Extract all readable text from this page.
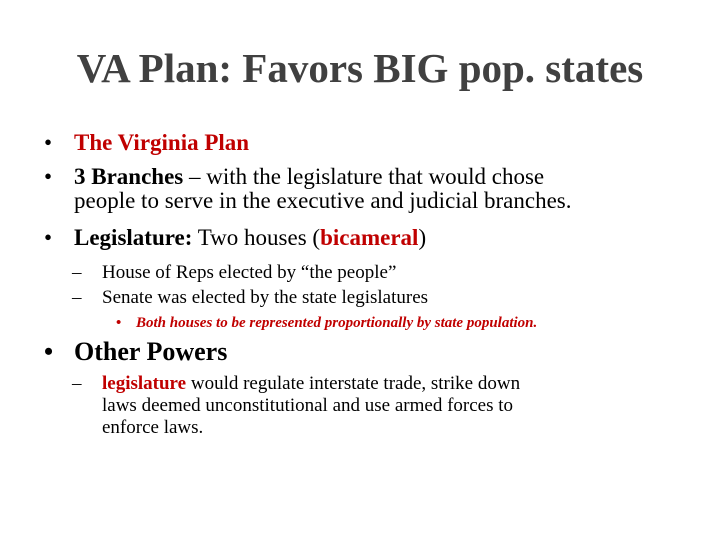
VA Plan: Favors BIG pop. states
• The Virginia Plan
• 3 Branches – with the legislature that would chose
people to serve in the executive and judicial branches.
• Legislature: Two houses (bicameral)
–	House of Reps elected by “the people”
–	Senate was elected by the state legislatures
• Both houses to be represented proportionally by state population.
• Other Powers
–	legislature would regulate interstate trade, strike down
laws deemed unconstitutional and use armed forces to
enforce laws.
